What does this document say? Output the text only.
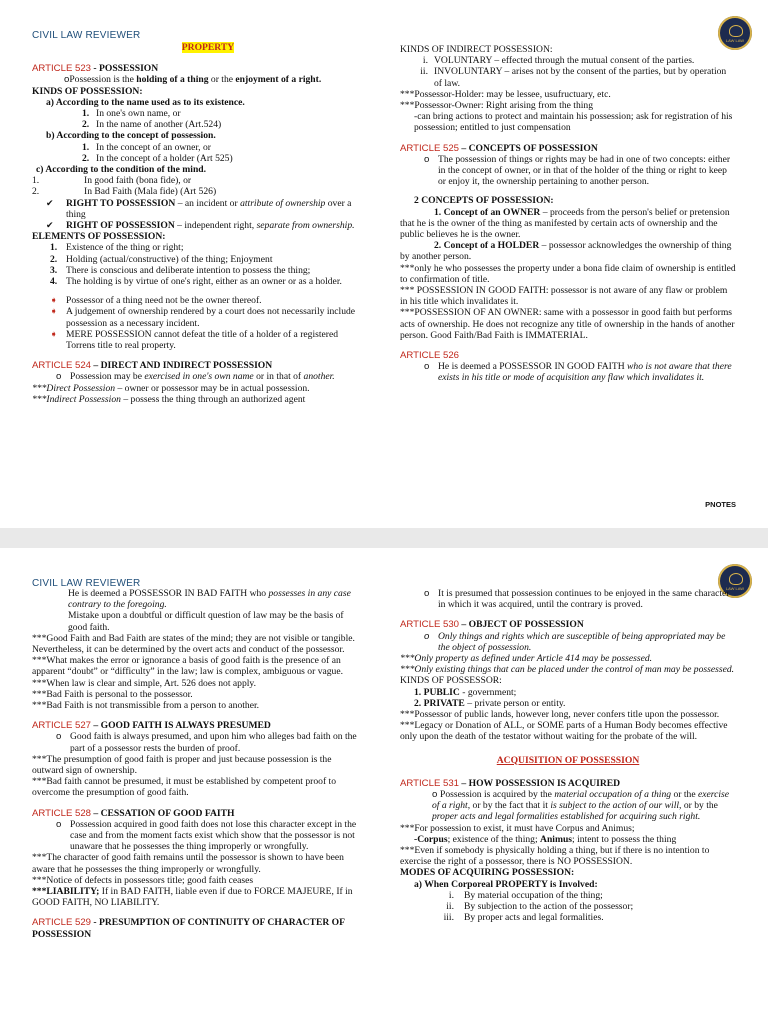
CIVIL LAW REVIEWER	LAW LAW

PROPERTY

ARTICLE 523 - POSSESSION

oPossession is the holding of a thing or the enjoyment of a right.

KINDS OF POSSESSION:

a) According to the name used as to its existence.

1. In one's own name, or

2. In the name of another (Art.524)

b) According to the concept of possession.

1. In the concept of an owner, or

2. In the concept of a holder (Art 525)

c) According to the condition of the mind.

1.	In good faith (bona fide), or

2.	In Bad Faith (Mala fide) (Art 526)

✔ RIGHT TO POSSESSION – an incident or attribute of ownership over a thing

✔ RIGHT OF POSSESSION – independent right, separate from ownership.

ELEMENTS OF POSSESSION:

1. Existence of the thing or right;

2. Holding (actual/constructive) of the thing; Enjoyment

3. There is conscious and deliberate intention to possess the thing;

4. The holding is by virtue of one's right, either as an owner or as a holder.

➧ Possessor of a thing need not be the owner thereof.

➧ A judgement of ownership rendered by a court does not necessarily include possession as a necessary incident.

➧ MERE POSSESSION cannot defeat the title of a holder of a registered Torrens title to real property.

ARTICLE 524 – DIRECT AND INDIRECT POSSESSION

o Possession may be exercised in one's own name or in that of another.

***Direct Possession – owner or possessor may be in actual possession.

***Indirect Possession – possess the thing through an authorized agent

KINDS OF INDIRECT POSSESSION:

i. VOLUNTARY – effected through the mutual consent of the parties.

ii. INVOLUNTARY – arises not by the consent of the parties, but by operation of law.

***Possessor-Holder: may be lessee, usufructuary, etc.

***Possessor-Owner: Right arising from the thing

-can bring actions to protect and maintain his possession; ask for registration of his possession; entitled to just compensation

ARTICLE 525 – CONCEPTS OF POSSESSION

o The possession of things or rights may be had in one of two concepts: either in the concept of owner, or in that of the holder of the thing or right to keep or enjoy it, the ownership pertaining to another person.

2 CONCEPTS OF POSSESSION:

1. Concept of an OWNER – proceeds from the person's belief or pretension that he is the owner of the thing as manifested by certain acts of ownership and the public believes he is the owner.

2. Concept of a HOLDER – possessor acknowledges the ownership of thing by another person.

***only he who possesses the property under a bona fide claim of ownership is entitled to confirmation of title.

*** POSSESSION IN GOOD FAITH: possessor is not aware of any flaw or problem in his title which invalidates it.

***POSSESSION OF AN OWNER: same with a possessor in good faith but performs acts of ownership. He does not recognize any title of ownership in the hands of another person. Good Faith/Bad Faith is IMMATERIAL.

ARTICLE 526

o He is deemed a POSSESSOR IN GOOD FAITH who is not aware that there exists in his title or mode of acquisition any flaw which invalidates it.

PNOTES
CIVIL LAW REVIEWER	LAW LAW

He is deemed a POSSESSOR IN BAD FAITH who possesses in any case contrary to the foregoing.

Mistake upon a doubtful or difficult question of law may be the basis of good faith.

***Good Faith and Bad Faith are states of the mind; they are not visible or tangible. Nevertheless, it can be determined by the overt acts and conduct of the possessor.

***What makes the error or ignorance a basis of good faith is the presence of an apparent “doubt” or “difficulty” in the law; law is complex, ambiguous or vague.

***When law is clear and simple, Art. 526 does not apply.

***Bad Faith is personal to the possessor.

***Bad Faith is not transmissible from a person to another.

ARTICLE 527 – GOOD FAITH IS ALWAYS PRESUMED

o Good faith is always presumed, and upon him who alleges bad faith on the part of a possessor rests the burden of proof.

***The presumption of good faith is proper and just because possession is the outward sign of ownership.

***Bad faith cannot be presumed, it must be established by competent proof to overcome the presumption of good faith.

ARTICLE 528 – CESSATION OF GOOD FAITH

o Possession acquired in good faith does not lose this character except in the case and from the moment facts exist which show that the possessor is not unaware that he possesses the thing improperly or wrongfully.

***The character of good faith remains until the possessor is shown to have been aware that he possesses the thing improperly or wrongfully.

***Notice of defects in possessors title; good faith ceases

***LIABILITY; If in BAD FAITH, liable even if due to FORCE MAJEURE, If in GOOD FAITH, NO LIABILITY.

ARTICLE 529 - PRESUMPTION OF CONTINUITY OF CHARACTER OF POSSESSION

o It is presumed that possession continues to be enjoyed in the same character in which it was acquired, until the contrary is proved.

ARTICLE 530 – OBJECT OF POSSESSION

o Only things and rights which are susceptible of being appropriated may be the object of possession.

***Only property as defined under Article 414 may be possessed.

***Only existing things that can be placed under the control of man may be possessed.

KINDS OF POSSESSOR:

1. PUBLIC - government;

2. PRIVATE – private person or entity.

***Possessor of public lands, however long, never confers title upon the possessor.

***Legacy or Donation of ALL, or SOME parts of a Human Body becomes effective only upon the death of the testator without waiting for the probate of the will.

ACQUISITION OF POSSESSION

ARTICLE 531 – HOW POSSESSION IS ACQUIRED

o Possession is acquired by the material occupation of a thing or the exercise of a right, or by the fact that it is subject to the action of our will, or by the proper acts and legal formalities established for acquiring such right.

***For possession to exist, it must have Corpus and Animus;

-Corpus; existence of the thing; Animus; intent to possess the thing

***Even if somebody is physically holding a thing, but if there is no intention to exercise the right of a possessor, there is NO POSSESSION.

MODES OF ACQUIRING POSSESSION:

a) When Corporeal PROPERTY is Involved:

i. By material occupation of the thing;

ii. By subjection to the action of the possessor;

iii. By proper acts and legal formalities.
